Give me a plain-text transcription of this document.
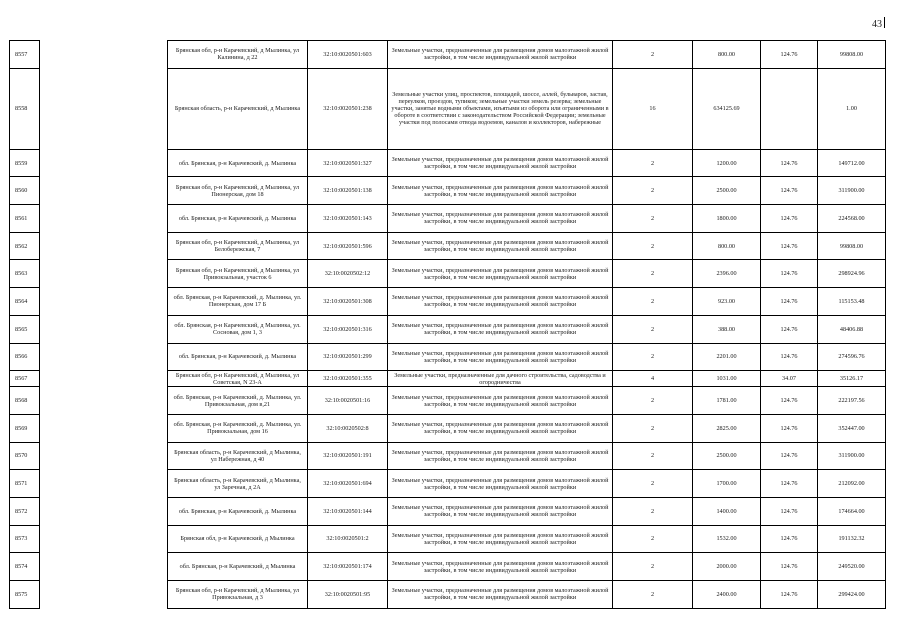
43
8557		Брянская обл, р-н Карачевский, д Мылинка, ул Калинина, д 22	32:10:0020501:603	Земельные участки, предназначенные для размещения домов малоэтажной жилой застройки, в том числе индивидуальной жилой застройки	2	800.00	124.76	99808.00
8558		Брянская область, р-н Карачевский, д Мылинка	32:10:0020501:238	Земельные участки улиц, проспектов, площадей, шоссе, аллей, бульваров, застав, переулков, проездов, тупиков; земельные участки земель резерва; земельные участки, занятые водными объектами, изъятыми из оборота или ограниченными в обороте в соответствии с законодательством Российской Федерации; земельные участки под полосами отвода водоемов, каналов и коллекторов, набережные	16	634125.69		1.00
8559		обл. Брянская, р-н Карачевский, д. Мылинка	32:10:0020501:327	Земельные участки, предназначенные для размещения домов малоэтажной жилой застройки, в том числе индивидуальной жилой застройки	2	1200.00	124.76	149712.00
8560		Брянская обл, р-н Карачевский, д Мылинка, ул Пионерская, дом 18	32:10:0020501:138	Земельные участки, предназначенные для размещения домов малоэтажной жилой застройки, в том числе индивидуальной жилой застройки	2	2500.00	124.76	311900.00
8561		обл. Брянская, р-н Карачевский, д. Мылинка	32:10:0020501:143	Земельные участки, предназначенные для размещения домов малоэтажной жилой застройки, в том числе индивидуальной жилой застройки	2	1800.00	124.76	224568.00
8562		Брянская обл, р-н Карачевский, д Мылинка, ул Белобережская, 7	32:10:0020501:596	Земельные участки, предназначенные для размещения домов малоэтажной жилой застройки, в том числе индивидуальной жилой застройки	2	800.00	124.76	99808.00
8563		Брянская обл, р-н Карачевский, д Мылинка, ул Привокзальная, участок 6	32:10:0020502:12	Земельные участки, предназначенные для размещения домов малоэтажной жилой застройки, в том числе индивидуальной жилой застройки	2	2396.00	124.76	298924.96
8564		обл. Брянская, р-н Карачевский, д. Мылинка, ул. Пионерская, дом 17 Б	32:10:0020501:308	Земельные участки, предназначенные для размещения домов малоэтажной жилой застройки, в том числе индивидуальной жилой застройки	2	923.00	124.76	115153.48
8565		обл. Брянская, р-н Карачевский, д Мылинка, ул. Сосновая, дом 1, 3	32:10:0020501:316	Земельные участки, предназначенные для размещения домов малоэтажной жилой застройки, в том числе индивидуальной жилой застройки	2	388.00	124.76	48406.88
8566		обл. Брянская, р-н Карачевский, д. Мылинка	32:10:0020501:299	Земельные участки, предназначенные для размещения домов малоэтажной жилой застройки, в том числе индивидуальной жилой застройки	2	2201.00	124.76	274596.76
8567		Брянская обл, р-н Карачевский, д Мылинка, ул Советская, N 23-А	32:10:0020501:355	Земельные участки, предназначенные для дачного строительства, садоводства и огородничества	4	1031.00	34.07	35126.17
8568		обл. Брянская, р-н Карачевский, д. Мылинка, ул. Привокзальная, дом в,21	32:10:0020501:16	Земельные участки, предназначенные для размещения домов малоэтажной жилой застройки, в том числе индивидуальной жилой застройки	2	1781.00	124.76	222197.56
8569		обл. Брянская, р-н Карачевский, д. Мылинка, ул. Привокзальная, дом 16	32:10:0020502:8	Земельные участки, предназначенные для размещения домов малоэтажной жилой застройки, в том числе индивидуальной жилой застройки	2	2825.00	124.76	352447.00
8570		Брянская область, р-н Карачевский, д Мылинка, ул Набережная, д 40	32:10:0020501:191	Земельные участки, предназначенные для размещения домов малоэтажной жилой застройки, в том числе индивидуальной жилой застройки	2	2500.00	124.76	311900.00
8571		Брянская область, р-н Карачевский, д Мылинка, ул Заречная, д 2А	32:10:0020501:694	Земельные участки, предназначенные для размещения домов малоэтажной жилой застройки, в том числе индивидуальной жилой застройки	2	1700.00	124.76	212092.00
8572		обл. Брянская, р-н Карачевский, д. Мылинка	32:10:0020501:144	Земельные участки, предназначенные для размещения домов малоэтажной жилой застройки, в том числе индивидуальной жилой застройки	2	1400.00	124.76	174664.00
8573		Брянская обл, р-н Карачевский, д Мылинка	32:10:0020501:2	Земельные участки, предназначенные для размещения домов малоэтажной жилой застройки, в том числе индивидуальной жилой застройки	2	1532.00	124.76	191132.32
8574		обл. Брянская, р-н Карачевский, д Мылинка	32:10:0020501:174	Земельные участки, предназначенные для размещения домов малоэтажной жилой застройки, в том числе индивидуальной жилой застройки	2	2000.00	124.76	249520.00
8575		Брянская обл, р-н Карачевский, д Мылинка, ул Привокзальная, д 3	32:10:0020501:95	Земельные участки, предназначенные для размещения домов малоэтажной жилой застройки, в том числе индивидуальной жилой застройки	2	2400.00	124.76	299424.00
